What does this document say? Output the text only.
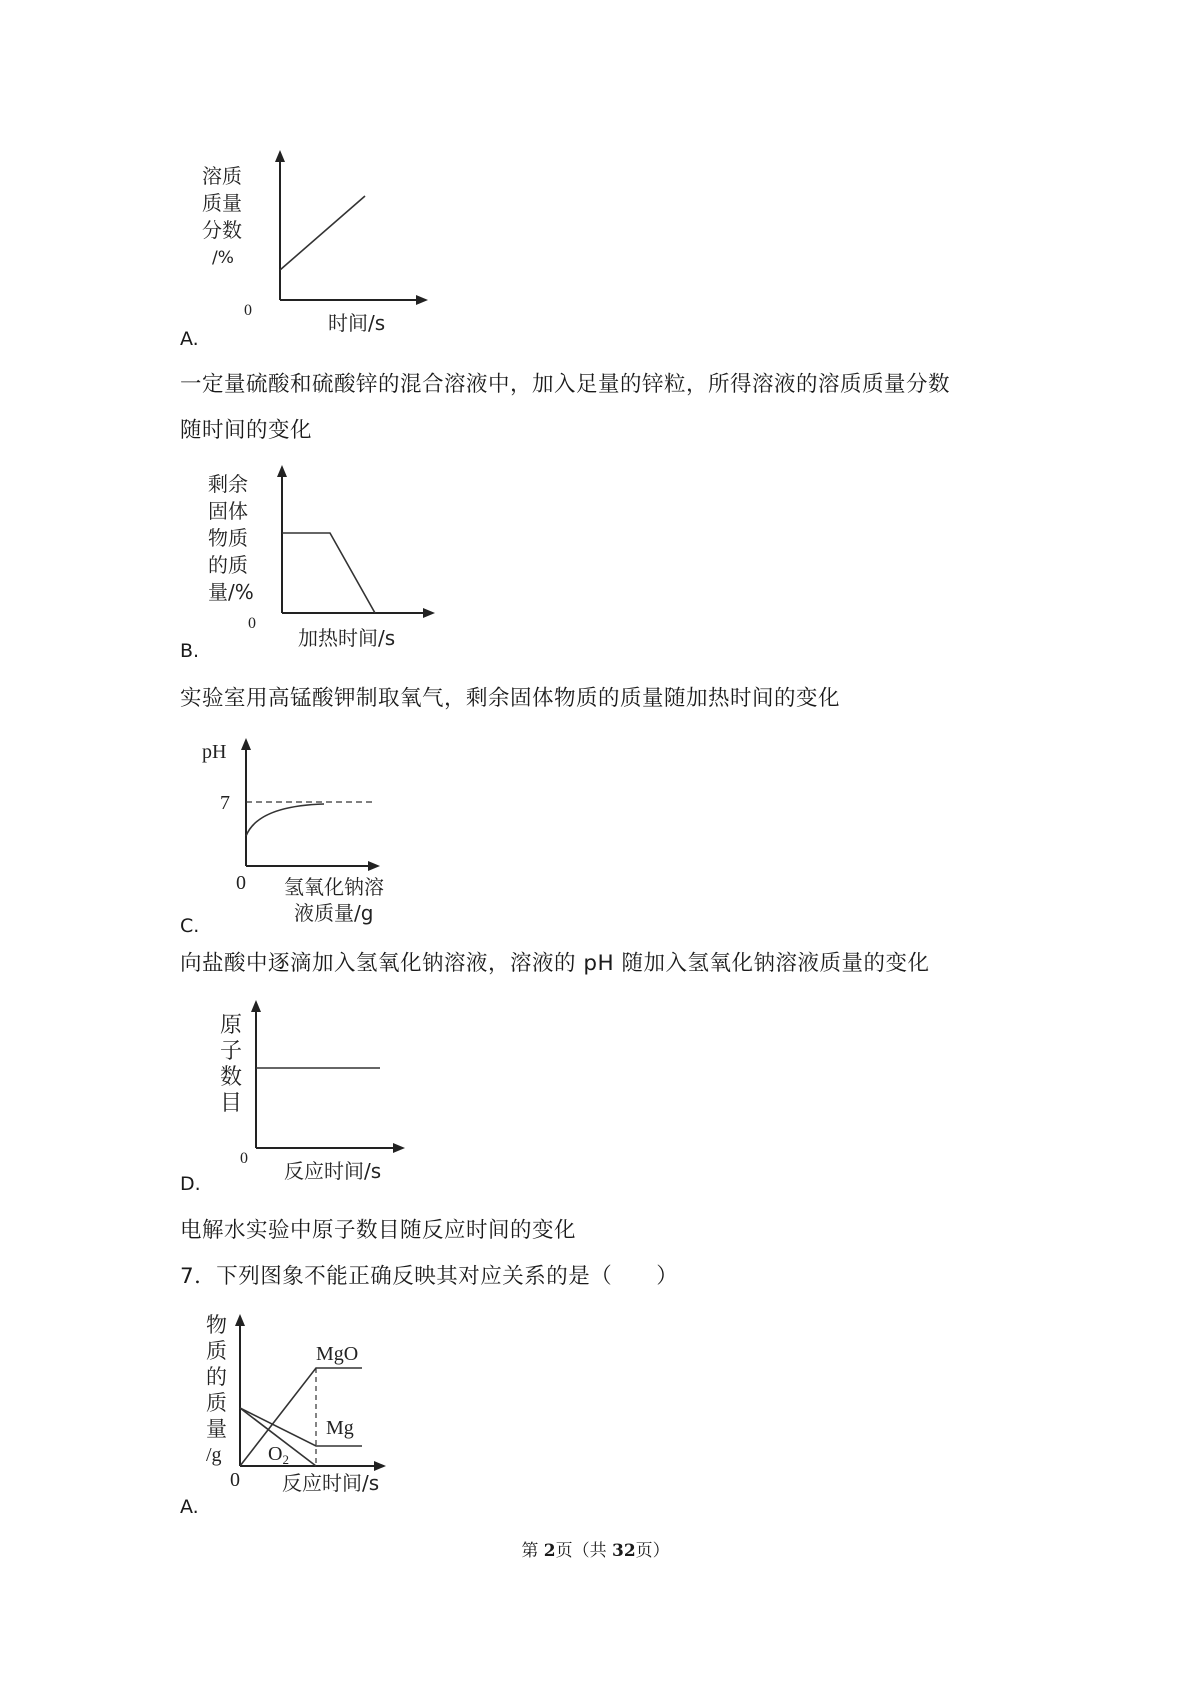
溶质
质量
分数
/%
0
时间/s
A.
一定量硫酸和硫酸锌的混合溶液中，加入足量的锌粒，所得溶液的溶质质量分数
随时间的变化
剩余
固体
物质
的质
量/%
0
加热时间/s
B.
实验室用高锰酸钾制取氧气，剩余固体物质的质量随加热时间的变化
pH
7
0 氢氧化钠溶
液质量/g
C.
向盐酸中逐滴加入氢氧化钠溶液，溶液的 pH 随加入氢氧化钠溶液质量的变化
原
子
数
目
0
反应时间/s
D.
电解水实验中原子数目随反应时间的变化
7．下列图象不能正确反映其对应关系的是（　　）
物
质
的
质
量
/g
MgO
Mg
$O_2$
0 反应时间/s
A.
第 2页（共 32页）
